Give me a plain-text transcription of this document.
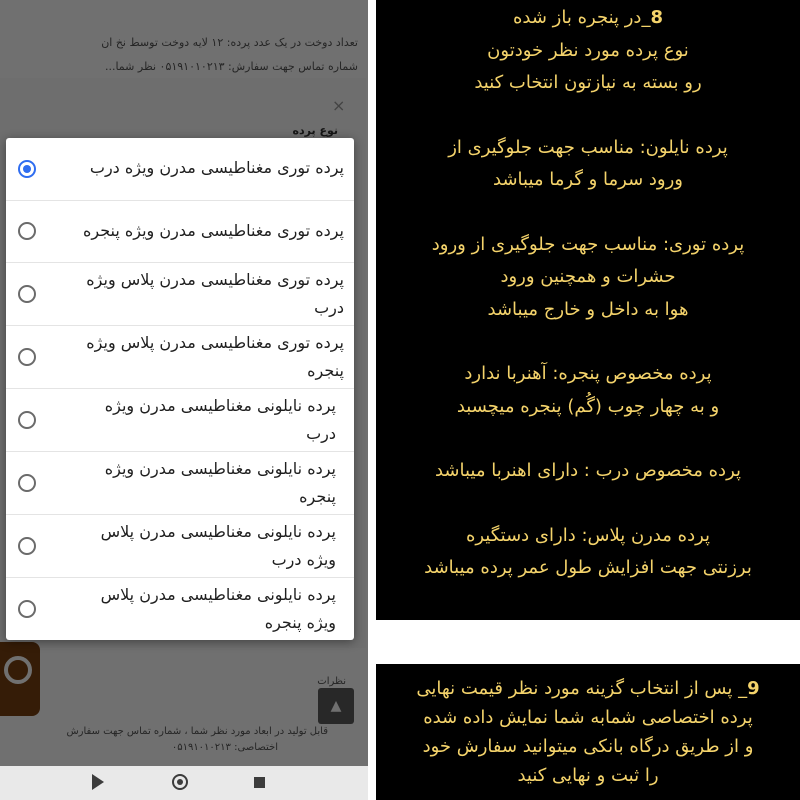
پرده توری مغناطیسی مدرن ویژه درب
پرده توری مغناطیسی مدرن ویژه پنجره
پرده توری مغناطیسی مدرن پلاس ویژه
درب
پرده توری مغناطیسی مدرن پلاس ویژه
پنجره
پرده نایلونی مغناطیسی مدرن ویژه
درب
پرده نایلونی مغناطیسی مدرن ویژه
پنجره
پرده نایلونی مغناطیسی مدرن پلاس
ویژه درب
پرده نایلونی مغناطیسی مدرن پلاس
ویژه پنجره
8_در پنجره باز شده
نوع پرده مورد نظر خودتون
رو بسته به نیازتون انتخاب کنید
پرده نایلون: مناسب جهت جلوگیری از
ورود سرما و گرما میباشد
پرده توری: مناسب جهت جلوگیری از ورود
حشرات و همچنین ورود
هوا به داخل و خارج میباشد
پرده مخصوص پنجره: آهنربا ندارد
و به چهار چوب (گُم) پنجره میچسبد
پرده مخصوص درب : دارای اهنربا میباشد
پرده مدرن پلاس: دارای دستگیره
برزنتی جهت افزایش طول عمر پرده میباشد
9_ پس از انتخاب گزینه مورد نظر قیمت نهایی
پرده اختصاصی شمابه شما نمایش داده شده
و از طریق درگاه بانکی میتوانید سفارش خود
را ثبت و نهایی کنید
